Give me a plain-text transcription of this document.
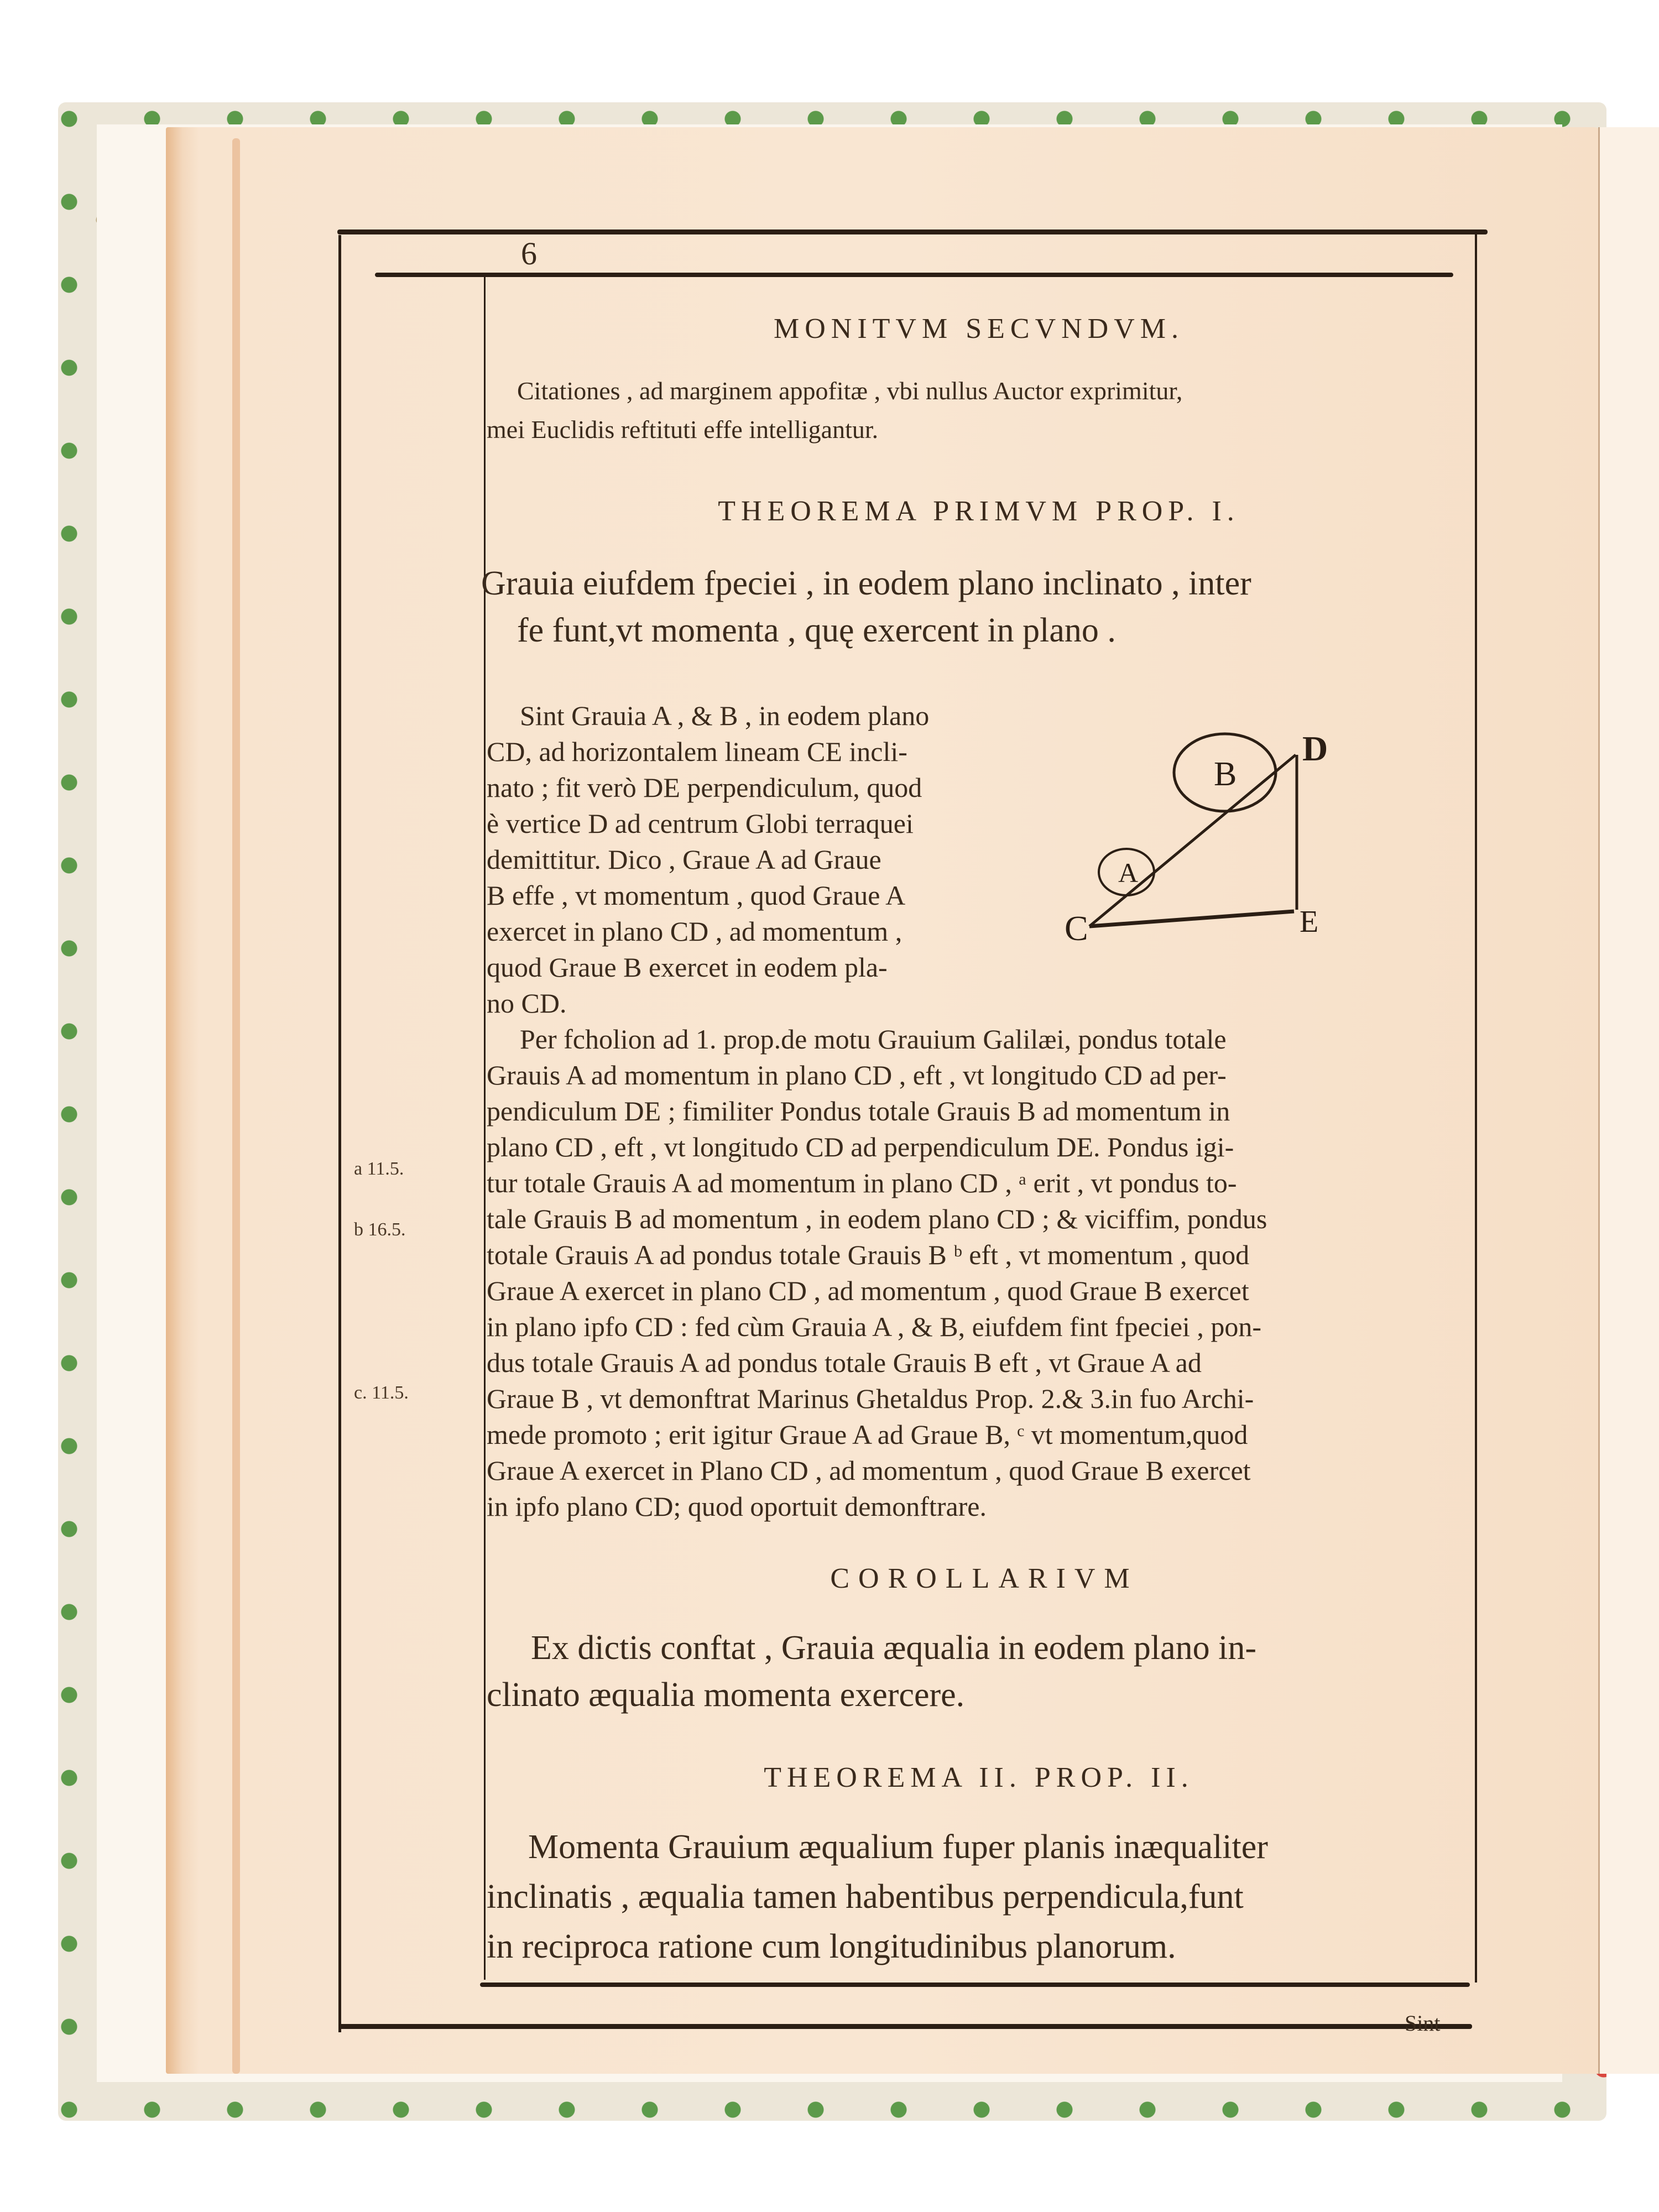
6
MONITVM SECVNDVM.
Citationes , ad marginem appofitæ , vbi nullus Auctor exprimitur,
mei Euclidis reftituti effe intelligantur.
THEOREMA PRIMVM PROP. I.
Grauia eiufdem fpeciei , in eodem plano inclinato , inter
fe funt,vt momenta , quę exercent in plano .
Sint Grauia A , & B , in eodem plano
CD, ad horizontalem lineam CE incli-
nato ; fit verò DE perpendiculum, quod
è vertice D ad centrum Globi terraquei
demittitur. Dico , Graue A ad Graue
B effe , vt momentum , quod Graue A
exercet in plano CD , ad momentum ,
quod Graue B exercet in eodem pla-
no CD.
B
A
C
D
E
Per fcholion ad 1. prop.de motu Grauium Galilæi, pondus totale
Grauis A ad momentum in plano CD , eft , vt longitudo CD ad per-
pendiculum DE ; fimiliter Pondus totale Grauis B ad momentum in
plano CD , eft , vt longitudo CD ad perpendiculum DE. Pondus igi-
tur totale Grauis A ad momentum in plano CD , ᵃ erit , vt pondus to-
tale Grauis B ad momentum , in eodem plano CD ; & viciffim, pondus
totale Grauis A ad pondus totale Grauis B ᵇ eft , vt momentum , quod
Graue A exercet in plano CD , ad momentum , quod Graue B exercet
in plano ipfo CD : fed cùm Grauia A , & B, eiufdem fint fpeciei , pon-
dus totale Grauis A ad pondus totale Grauis B eft , vt Graue A ad
Graue B , vt demonftrat Marinus Ghetaldus Prop. 2.& 3.in fuo Archi-
mede promoto ; erit igitur Graue A ad Graue B, ᶜ vt momentum,quod
Graue A exercet in Plano CD , ad momentum , quod Graue B exercet
in ipfo plano CD; quod oportuit demonftrare.
a 11.5.
b 16.5.
c. 11.5.
COROLLARIVM
Ex dictis conftat , Grauia æqualia in eodem plano in-
clinato æqualia momenta exercere.
THEOREMA II. PROP. II.
Momenta Grauium æqualium fuper planis inæqualiter
inclinatis , æqualia tamen habentibus perpendicula,funt
in reciproca ratione cum longitudinibus planorum.
Sint
